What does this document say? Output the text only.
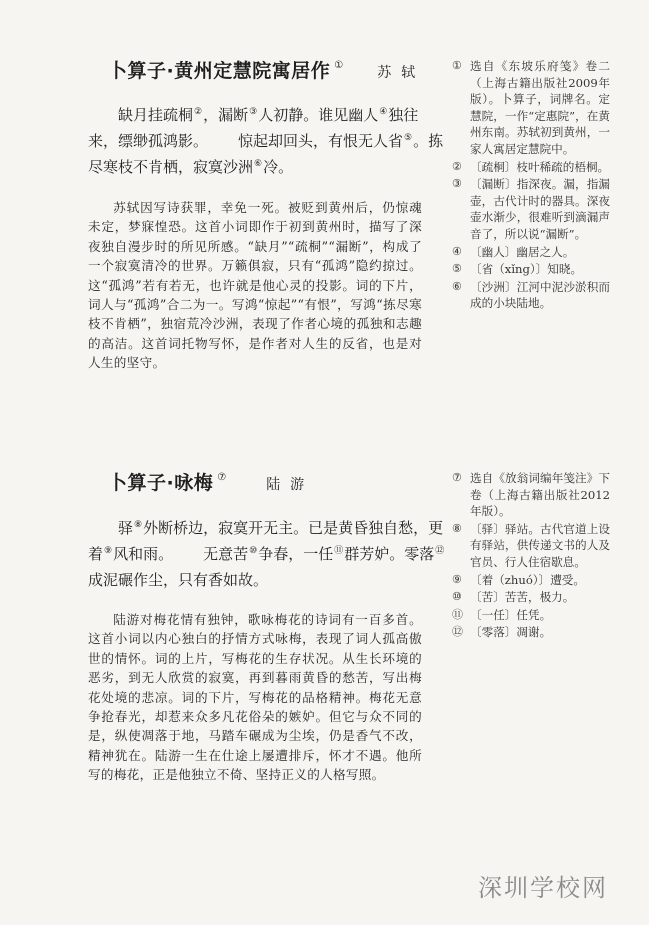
卜算子·黄州定慧院寓居作 ① 苏轼
缺月挂疏桐②，漏断③人初静。谁见幽人④独往
来，缥缈孤鸿影。 惊起却回头，有恨无人省⑤。拣
尽寒枝不肯栖，寂寞沙洲⑥冷。

苏轼因写诗获罪，幸免一死。被贬到黄州后，仍惊魂未定，梦寐惶恐。这首小词即作于初到黄州时，描写了深夜独自漫步时的所见所感。“缺月”“疏桐”“漏断”，构成了一个寂寞清冷的世界。万籁俱寂，只有“孤鸿”隐约掠过。这“孤鸿”若有若无，也许就是他心灵的投影。词的下片，词人与“孤鸿”合二为一。写鸿“惊起”“有恨”，写鸿“拣尽寒枝不肯栖”，独宿荒冷沙洲，表现了作者心境的孤独和志趣的高洁。这首词托物写怀，是作者对人生的反省，也是对人生的坚守。

① 选自《东坡乐府笺》卷二（上海古籍出版社2009年版）。卜算子，词牌名。定慧院，一作“定惠院”，在黄州东南。苏轼初到黄州，一家人寓居定慧院中。
② 〔疏桐〕枝叶稀疏的梧桐。
③ 〔漏断〕指深夜。漏，指漏壶，古代计时的器具。深夜壶水渐少，很难听到滴漏声音了，所以说“漏断”。
④ 〔幽人〕幽居之人。
⑤ 〔省（xǐng）〕知晓。
⑥ 〔沙洲〕江河中泥沙淤积而成的小块陆地。
卜算子·咏梅 ⑦	陆游
驿⑧外断桥边，寂寞开无主。已是黄昏独自愁，更
着⑨风和雨。 无意苦⑩争春，一任⑪群芳妒。零落⑫
成泥碾作尘，只有香如故。

陆游对梅花情有独钟，歌咏梅花的诗词有一百多首。这首小词以内心独白的抒情方式咏梅，表现了词人孤高傲世的情怀。词的上片，写梅花的生存状况。从生长环境的恶劣，到无人欣赏的寂寞，再到暮雨黄昏的愁苦，写出梅花处境的悲凉。词的下片，写梅花的品格精神。梅花无意争抢春光，却惹来众多凡花俗朵的嫉妒。但它与众不同的是，纵使凋落于地，马踏车碾成为尘埃，仍是香气不改，精神犹在。陆游一生在仕途上屡遭排斥，怀才不遇。他所写的梅花，正是他独立不倚、坚持正义的人格写照。

⑦ 选自《放翁词编年笺注》下卷（上海古籍出版社2012年版）。
⑧ 〔驿〕驿站。古代官道上设有驿站，供传递文书的人及官员、行人住宿歇息。
⑨ 〔着（zhuó）〕遭受。
⑩ 〔苦〕苦苦，极力。
⑪ 〔一任〕任凭。
⑫ 〔零落〕凋谢。
深圳学校网
